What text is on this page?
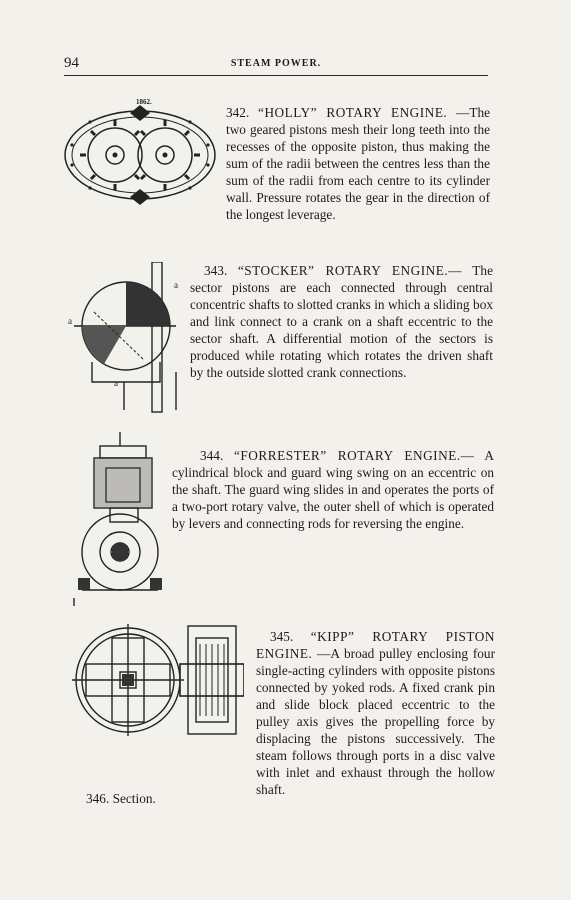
94	STEAM POWER.
1862.

342. “HOLLY” ROTARY ENGINE. —The two geared pistons mesh their long teeth into the recesses of the opposite piston, thus making the sum of the radii between the centres less than the sum of the radii from each centre to its cylinder wall. Pressure rotates the gear in the direction of the longest leverage.

a
a
a

343. “STOCKER” ROTARY ENGINE.— The sector pistons are each connected through central concentric shafts to slotted cranks in which a sliding box and link connect to a crank on a shaft eccentric to the sector shaft. A differential motion of the sectors is produced while rotating which rotates the driven shaft by the outside slotted crank connections.

344. “FORRESTER” ROTARY ENGINE.— A cylindrical block and guard wing swing on an eccentric on the shaft. The guard wing slides in and operates the ports of a two-port rotary valve, the outer shell of which is operated by levers and connecting rods for reversing the engine.

345. “KIPP” ROTARY PISTON ENGINE. —A broad pulley enclosing four single-acting cylinders with opposite pistons connected by yoked rods. A fixed crank pin and slide block placed eccentric to the pulley axis gives the propelling force by displacing the pistons successively. The steam follows through ports in a disc valve with inlet and exhaust through the hollow shaft.

346. Section.
